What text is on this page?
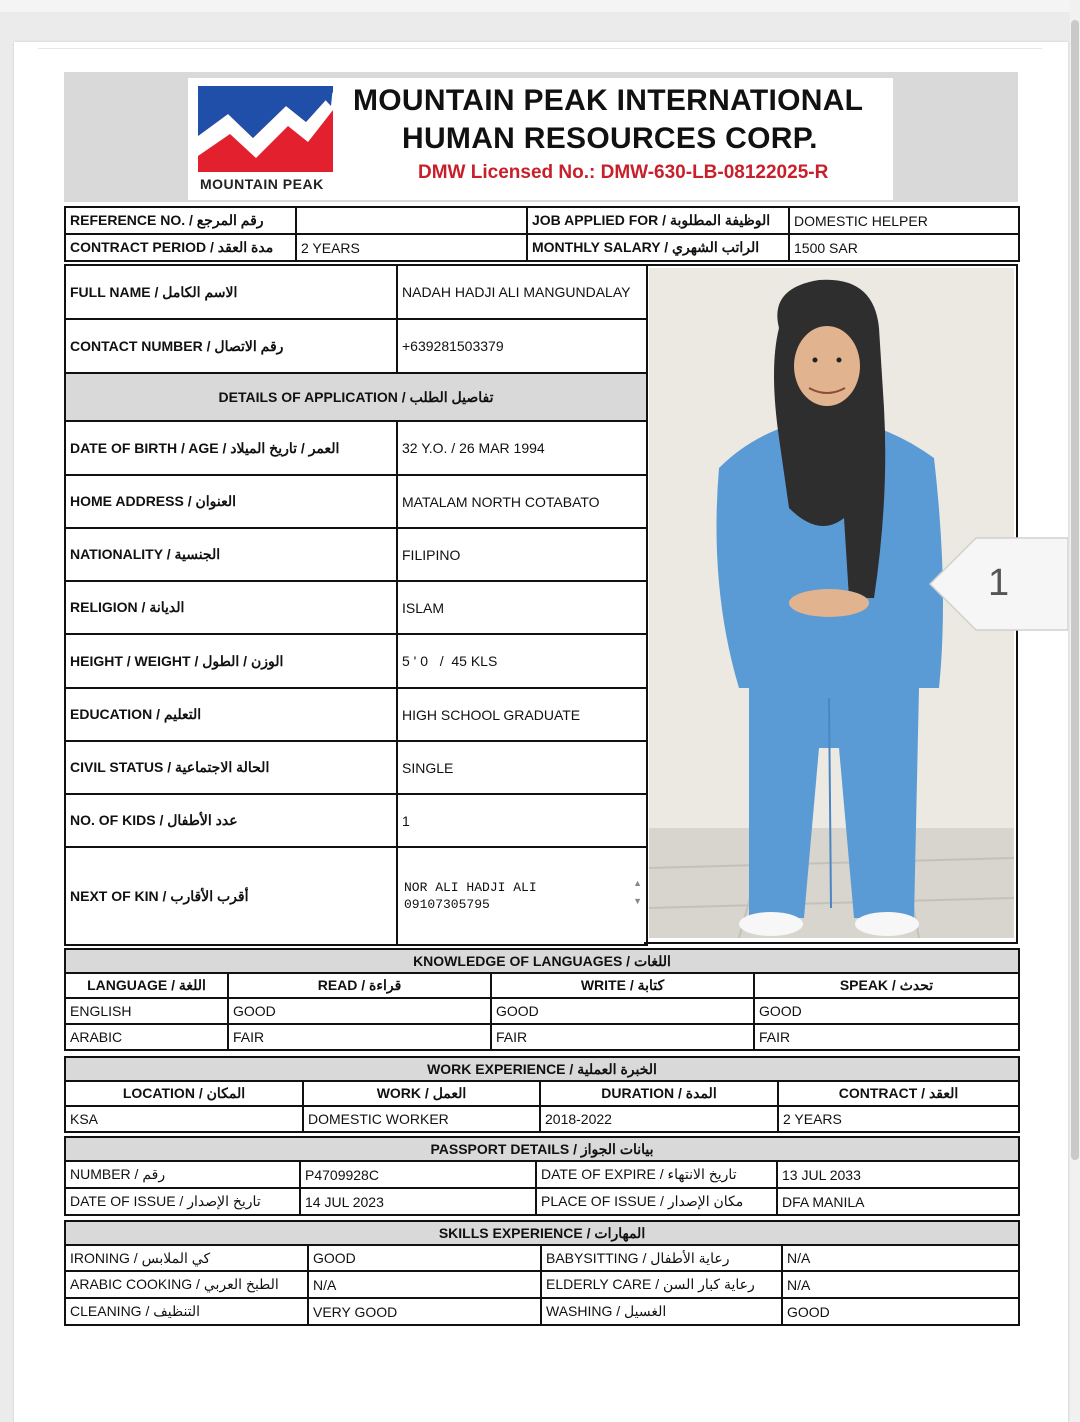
MOUNTAIN PEAK
MOUNTAIN PEAK INTERNATIONAL
HUMAN RESOURCES CORP.
DMW Licensed No.: DMW-630-LB-08122025-R
REFERENCE NO. / رقم المرجع		JOB APPLIED FOR / الوظيفة المطلوبة	DOMESTIC HELPER
CONTRACT PERIOD / مدة العقد	2 YEARS	MONTHLY SALARY / الراتب الشهري	1500 SAR
FULL NAME / الاسم الكامل	NADAH HADJI ALI MANGUNDALAY
CONTACT NUMBER / رقم الاتصال	+639281503379
DETAILS OF APPLICATION / تفاصيل الطلب	
DATE OF BIRTH / AGE / العمر / تاريخ الميلاد	32 Y.O. / 26 MAR 1994
HOME ADDRESS / العنوان	MATALAM NORTH COTABATO
NATIONALITY / الجنسية	FILIPINO
RELIGION / الديانة	ISLAM
HEIGHT / WEIGHT / الوزن / الطول	5 ' 0   /  45 KLS
EDUCATION / التعليم	HIGH SCHOOL GRADUATE
CIVIL STATUS / الحالة الاجتماعية	SINGLE
NO. OF KIDS / عدد الأطفال	1
NEXT OF KIN / أقرب الأقارب	NOR ALI HADJI ALI
09107305795
▲
▼
KNOWLEDGE OF LANGUAGES / اللغات			
LANGUAGE / اللغة	READ / قراءة	WRITE / كتابة	SPEAK / تحدث
ENGLISH	GOOD	GOOD	GOOD
ARABIC	FAIR	FAIR	FAIR
WORK EXPERIENCE / الخبرة العملية			
LOCATION / المكان	WORK / العمل	DURATION / المدة	CONTRACT / العقد
KSA	DOMESTIC WORKER	2018-2022	2 YEARS
PASSPORT DETAILS / بيانات الجواز			
NUMBER / رقم	P4709928C	DATE OF EXPIRE / تاريخ الانتهاء	13 JUL 2033
DATE OF ISSUE / تاريخ الإصدار	14 JUL 2023	PLACE OF ISSUE / مكان الإصدار	DFA MANILA
SKILLS EXPERIENCE / المهارات			
IRONING / كي الملابس	GOOD	BABYSITTING / رعاية الأطفال	N/A
ARABIC COOKING / الطبخ العربي	N/A	ELDERLY CARE / رعاية كبار السن	N/A
CLEANING / التنظيف	VERY GOOD	WASHING / الغسيل	GOOD
1
